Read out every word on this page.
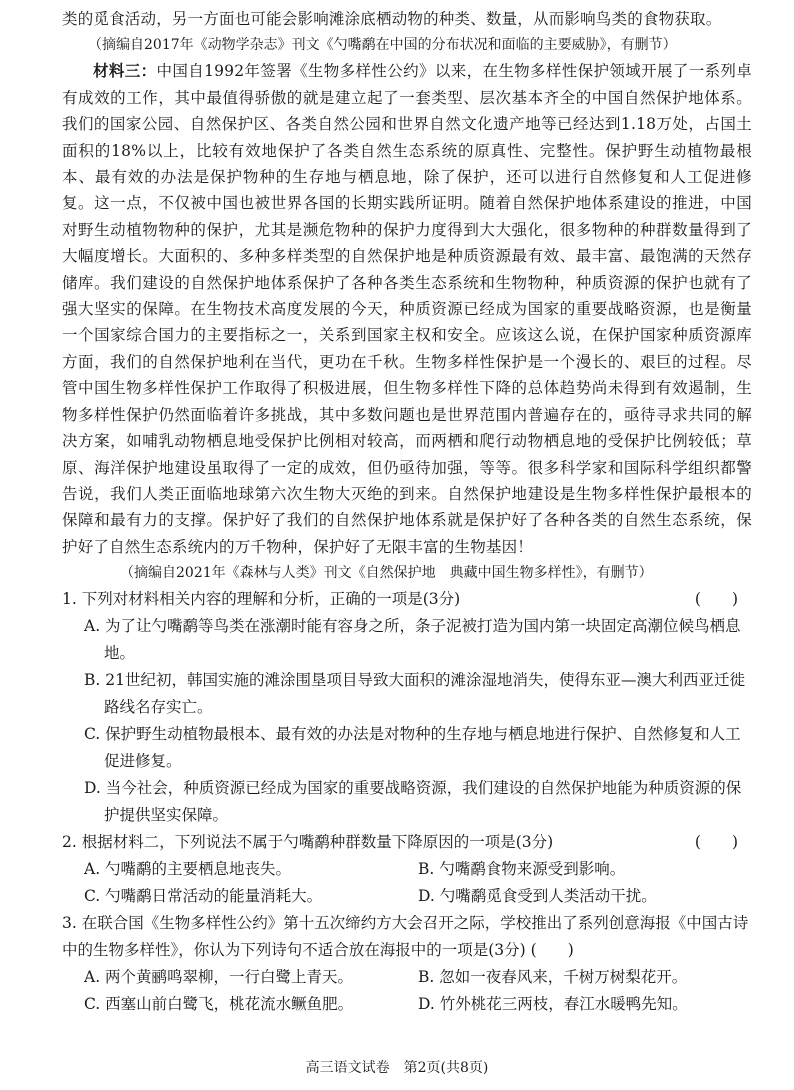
类的觅食活动，另一方面也可能会影响滩涂底栖动物的种类、数量，从而影响鸟类的食物获取。

（摘编自2017年《动物学杂志》刊文《勺嘴鹬在中国的分布状况和面临的主要威胁》，有删节）

材料三：中国自1992年签署《生物多样性公约》以来，在生物多样性保护领域开展了一系列卓有成效的工作，其中最值得骄傲的就是建立起了一套类型、层次基本齐全的中国自然保护地体系。我们的国家公园、自然保护区、各类自然公园和世界自然文化遗产地等已经达到1.18万处，占国土面积的18%以上，比较有效地保护了各类自然生态系统的原真性、完整性。保护野生动植物最根本、最有效的办法是保护物种的生存地与栖息地，除了保护，还可以进行自然修复和人工促进修复。这一点，不仅被中国也被世界各国的长期实践所证明。随着自然保护地体系建设的推进，中国对野生动植物物种的保护，尤其是濒危物种的保护力度得到大大强化，很多物种的种群数量得到了大幅度增长。大面积的、多种多样类型的自然保护地是种质资源最有效、最丰富、最饱满的天然存储库。我们建设的自然保护地体系保护了各种各类生态系统和生物物种，种质资源的保护也就有了强大坚实的保障。在生物技术高度发展的今天，种质资源已经成为国家的重要战略资源，也是衡量一个国家综合国力的主要指标之一，关系到国家主权和安全。应该这么说，在保护国家种质资源库方面，我们的自然保护地利在当代，更功在千秋。生物多样性保护是一个漫长的、艰巨的过程。尽管中国生物多样性保护工作取得了积极进展，但生物多样性下降的总体趋势尚未得到有效遏制，生物多样性保护仍然面临着许多挑战，其中多数问题也是世界范围内普遍存在的，亟待寻求共同的解决方案，如哺乳动物栖息地受保护比例相对较高，而两栖和爬行动物栖息地的受保护比例较低；草原、海洋保护地建设虽取得了一定的成效，但仍亟待加强，等等。很多科学家和国际科学组织都警告说，我们人类正面临地球第六次生物大灭绝的到来。自然保护地建设是生物多样性保护最根本的保障和最有力的支撑。保护好了我们的自然保护地体系就是保护好了各种各类的自然生态系统，保护好了自然生态系统内的万千物种，保护好了无限丰富的生物基因！

（摘编自2021年《森林与人类》刊文《自然保护地　典藏中国生物多样性》，有删节）

1. 下列对材料相关内容的理解和分析，正确的一项是(3分)	(　　)

A. 为了让勺嘴鹬等鸟类在涨潮时能有容身之所，条子泥被打造为国内第一块固定高潮位候鸟栖息地。

B. 21世纪初，韩国实施的滩涂围垦项目导致大面积的滩涂湿地消失，使得东亚—澳大利西亚迁徙路线名存实亡。

C. 保护野生动植物最根本、最有效的办法是对物种的生存地与栖息地进行保护、自然修复和人工促进修复。

D. 当今社会，种质资源已经成为国家的重要战略资源，我们建设的自然保护地能为种质资源的保护提供坚实保障。

2. 根据材料二，下列说法不属于勺嘴鹬种群数量下降原因的一项是(3分)	(　　)

A. 勺嘴鹬的主要栖息地丧失。	B. 勺嘴鹬食物来源受到影响。
C. 勺嘴鹬日常活动的能量消耗大。	D. 勺嘴鹬觅食受到人类活动干扰。

3. 在联合国《生物多样性公约》第十五次缔约方大会召开之际，学校推出了系列创意海报《中国古诗中的生物多样性》，你认为下列诗句不适合放在海报中的一项是(3分) (　　)

A. 两个黄鹂鸣翠柳，一行白鹭上青天。	B. 忽如一夜春风来，千树万树梨花开。
C. 西塞山前白鹭飞，桃花流水鳜鱼肥。	D. 竹外桃花三两枝，春江水暖鸭先知。
高三语文试卷　第2页(共8页)
